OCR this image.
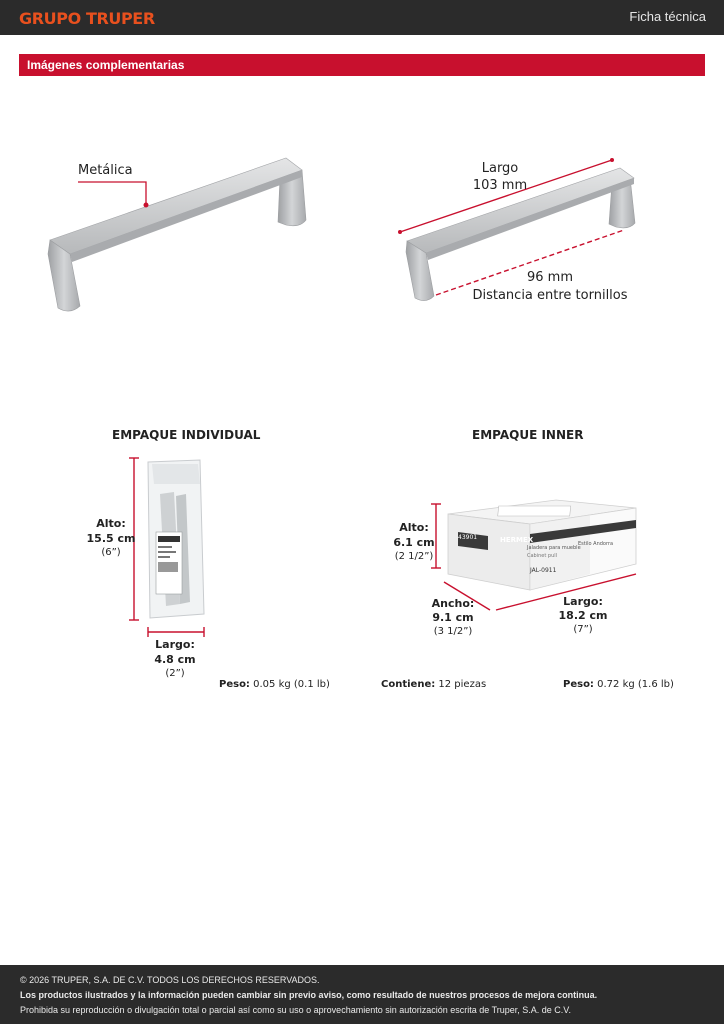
GRUPO TRUPER	Ficha técnica
Imágenes complementarias
Metálica	Largo
103 mm
96 mm
Distancia entre tornillos
EMPAQUE INDIVIDUAL
Alto:
15.5 cm
(6”)
Largo:
4.8 cm
(2”)
Peso: 0.05 kg (0.1 lb)
EMPAQUE INNER
HERMEX
43901
JAL-0911
Jaladera para mueble
Cabinet pull
Estilo Andorra
Alto:
6.1 cm
(2 1/2”)
Ancho:
9.1 cm
(3 1/2”)
Largo:
18.2 cm
(7”)
Contiene: 12 piezas	Peso: 0.72 kg (1.6 lb)
© 2026 TRUPER, S.A. DE C.V. TODOS LOS DERECHOS RESERVADOS.
Los productos ilustrados y la información pueden cambiar sin previo aviso, como resultado de nuestros procesos de mejora continua.
Prohibida su reproducción o divulgación total o parcial así como su uso o aprovechamiento sin autorización escrita de Truper, S.A. de C.V.
